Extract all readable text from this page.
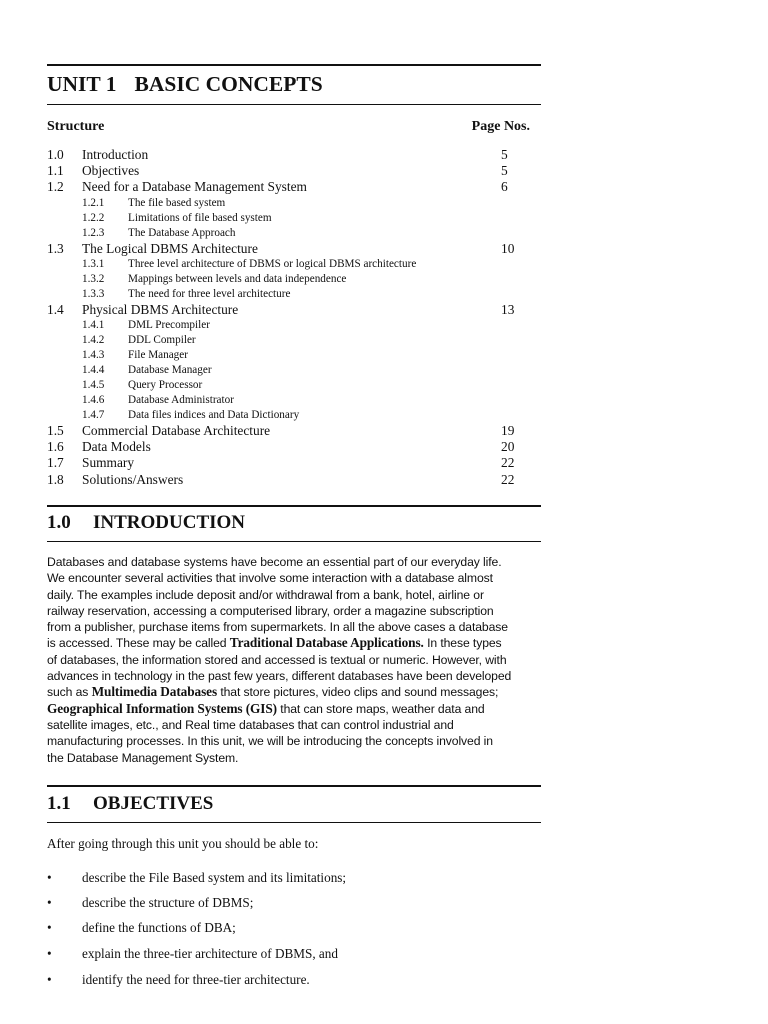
UNIT 1 BASIC CONCEPTS
Structure	Page Nos.
1.0 Introduction	5
1.1 Objectives	5
1.2 Need for a Database Management System	6
1.2.1 The file based system
1.2.2 Limitations of file based system
1.2.3 The Database Approach
1.3 The Logical DBMS Architecture	10
1.3.1 Three level architecture of DBMS or logical DBMS architecture
1.3.2 Mappings between levels and data independence
1.3.3 The need for three level architecture
1.4 Physical DBMS Architecture	13
1.4.1 DML Precompiler
1.4.2 DDL Compiler
1.4.3 File Manager
1.4.4 Database Manager
1.4.5 Query Processor
1.4.6 Database Administrator
1.4.7 Data files indices and Data Dictionary
1.5 Commercial Database Architecture	19
1.6 Data Models	20
1.7 Summary	22
1.8 Solutions/Answers	22
1.0 INTRODUCTION
Databases and database systems have become an essential part of our everyday life.
We encounter several activities that involve some interaction with a database almost
daily. The examples include deposit and/or withdrawal from a bank, hotel, airline or
railway reservation, accessing a computerised library, order a magazine subscription
from a publisher, purchase items from supermarkets. In all the above cases a database
is accessed. These may be called Traditional Database Applications. In these types
of databases, the information stored and accessed is textual or numeric. However, with
advances in technology in the past few years, different databases have been developed
such as Multimedia Databases that store pictures, video clips and sound messages;
Geographical Information Systems (GIS) that can store maps, weather data and
satellite images, etc., and Real time databases that can control industrial and
manufacturing processes. In this unit, we will be introducing the concepts involved in
the Database Management System.
1.1 OBJECTIVES
After going through this unit you should be able to:
• describe the File Based system and its limitations;
• describe the structure of DBMS;
• define the functions of DBA;
• explain the three-tier architecture of DBMS, and
• identify the need for three-tier architecture.
